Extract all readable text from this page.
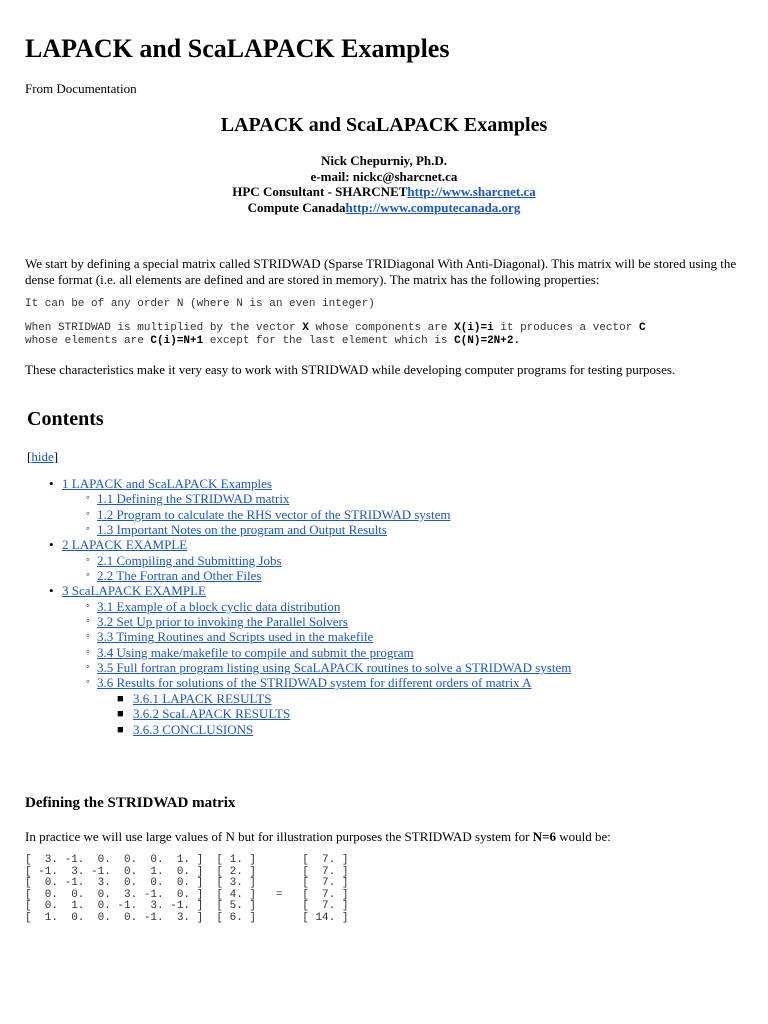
LAPACK and ScaLAPACK Examples
From Documentation
LAPACK and ScaLAPACK Examples
Nick Chepurniy, Ph.D.
e-mail: nickc@sharcnet.ca
HPC Consultant - SHARCNEThttp://www.sharcnet.ca
Compute Canadahttp://www.computecanada.org
We start by defining a special matrix called STRIDWAD (Sparse TRIDiagonal With Anti-Diagonal). This matrix will be stored using the dense format (i.e. all elements are defined and are stored in memory). The matrix has the following properties:
It can be of any order N (where N is an even integer)
When STRIDWAD is multiplied by the vector X whose components are X(i)=i it produces a vector C
whose elements are C(i)=N+1 except for the last element which is C(N)=2N+2.
These characteristics make it very easy to work with STRIDWAD while developing computer programs for testing purposes.
Contents
[hide]
• 1 LAPACK and ScaLAPACK Examples
◦ 1.1 Defining the STRIDWAD matrix
◦ 1.2 Program to calculate the RHS vector of the STRIDWAD system
◦ 1.3 Important Notes on the program and Output Results
• 2 LAPACK EXAMPLE
◦ 2.1 Compiling and Submitting Jobs
◦ 2.2 The Fortran and Other Files
• 3 ScaLAPACK EXAMPLE
◦ 3.1 Example of a block cyclic data distribution
◦ 3.2 Set Up prior to invoking the Parallel Solvers
◦ 3.3 Timing Routines and Scripts used in the makefile
◦ 3.4 Using make/makefile to compile and submit the program
◦ 3.5 Full fortran program listing using ScaLAPACK routines to solve a STRIDWAD system
◦ 3.6 Results for solutions of the STRIDWAD system for different orders of matrix A
■ 3.6.1 LAPACK RESULTS
■ 3.6.2 ScaLAPACK RESULTS
■ 3.6.3 CONCLUSIONS
Defining the STRIDWAD matrix
In practice we will use large values of N but for illustration purposes the STRIDWAD system for N=6 would be:
[  3. -1.  0.  0.  0.  1. ]  [ 1. ]       [  7. ]
[ -1.  3. -1.  0.  1.  0. ]  [ 2. ]       [  7. ]
[  0. -1.  3.  0.  0.  0. ]  [ 3. ]       [  7. ]
[  0.  0.  0.  3. -1.  0. ]  [ 4. ]   =   [  7. ]
[  0.  1.  0. -1.  3. -1. ]  [ 5. ]       [  7. ]
[  1.  0.  0.  0. -1.  3. ]  [ 6. ]       [ 14. ]
